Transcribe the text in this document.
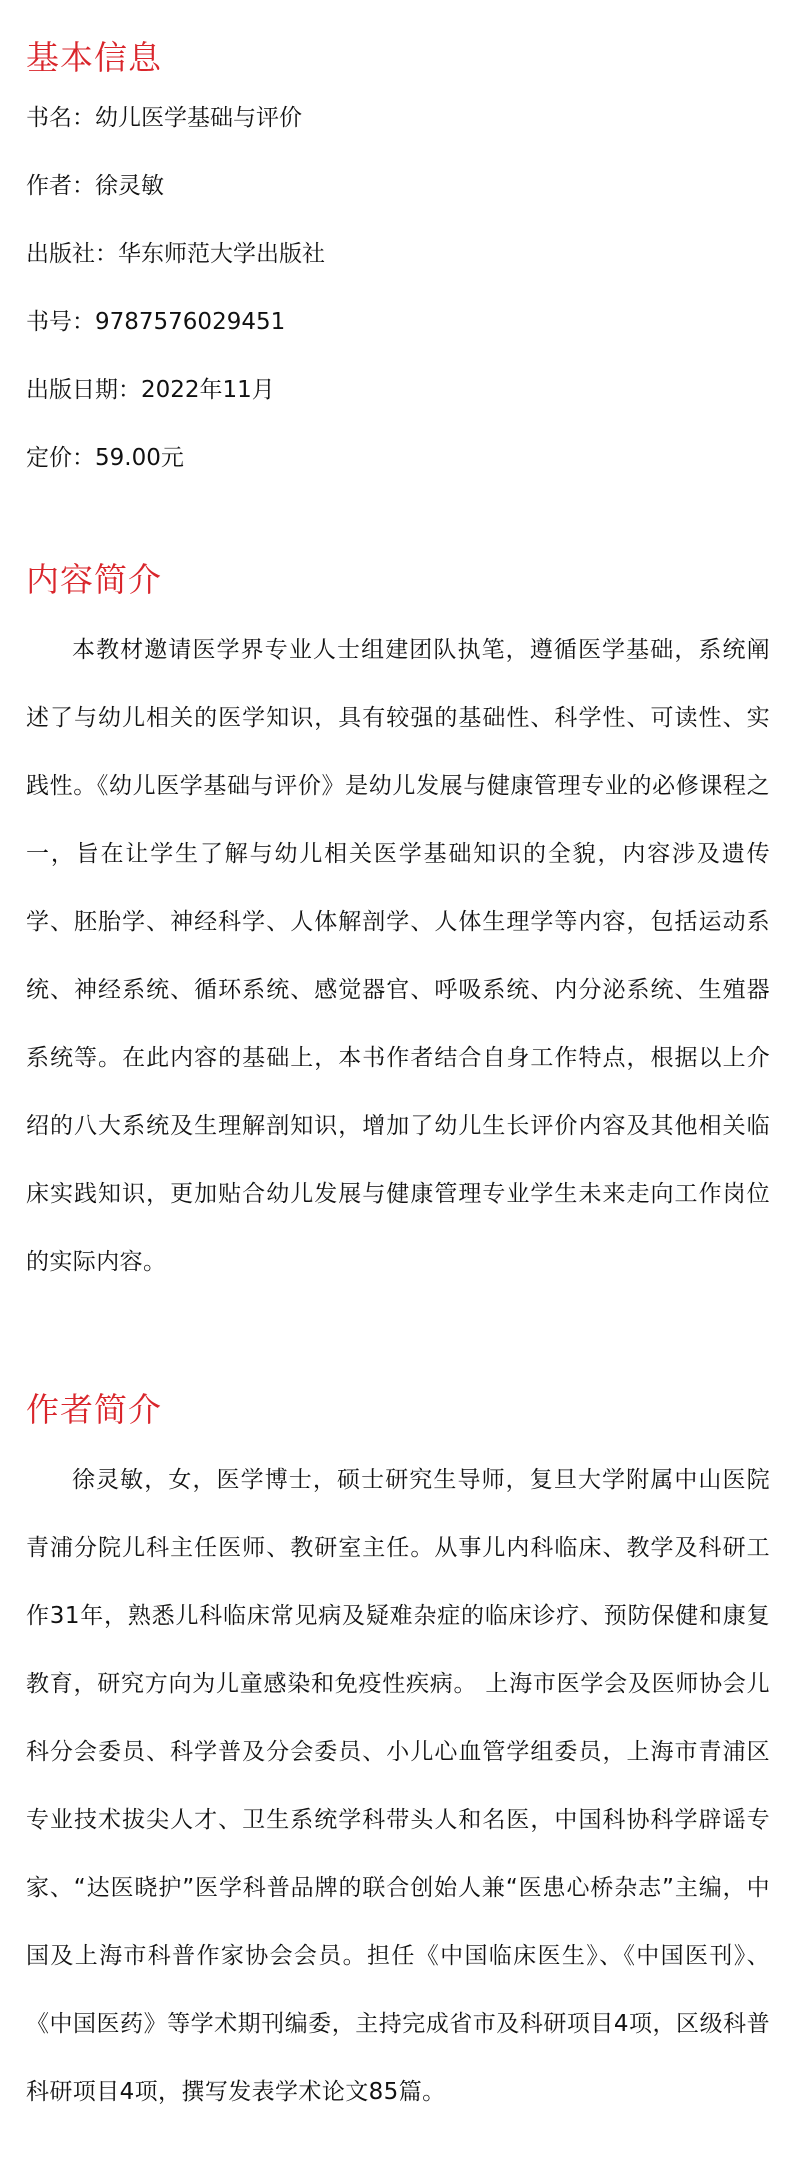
基本信息
书名：幼儿医学基础与评价
作者：徐灵敏
出版社：华东师范大学出版社
书号：9787576029451
出版日期：2022年11月
定价：59.00元
内容简介

本教材邀请医学界专业人士组建团队执笔，遵循医学基础，系统阐述了与幼儿相关的医学知识，具有较强的基础性、科学性、可读性、实践性。《幼儿医学基础与评价》是幼儿发展与健康管理专业的必修课程之一，旨在让学生了解与幼儿相关医学基础知识的全貌，内容涉及遗传学、胚胎学、神经科学、人体解剖学、人体生理学等内容，包括运动系统、神经系统、循环系统、感觉器官、呼吸系统、内分泌系统、生殖器系统等。在此内容的基础上，本书作者结合自身工作特点，根据以上介绍的八大系统及生理解剖知识，增加了幼儿生长评价内容及其他相关临床实践知识，更加贴合幼儿发展与健康管理专业学生未来走向工作岗位的实际内容。

作者简介

徐灵敏，女，医学博士，硕士研究生导师，复旦大学附属中山医院青浦分院儿科主任医师、教研室主任。从事儿内科临床、教学及科研工作31年，熟悉儿科临床常见病及疑难杂症的临床诊疗、预防保健和康复教育，研究方向为儿童感染和免疫性疾病。 上海市医学会及医师协会儿科分会委员、科学普及分会委员、小儿心血管学组委员，上海市青浦区专业技术拔尖人才、卫生系统学科带头人和名医，中国科协科学辟谣专家、“达医晓护”医学科普品牌的联合创始人兼“医患心桥杂志”主编，中国及上海市科普作家协会会员。担任《中国临床医生》、《中国医刊》、《中国医药》等学术期刊编委，主持完成省市及科研项目4项，区级科普科研项目4项，撰写发表学术论文85篇。
